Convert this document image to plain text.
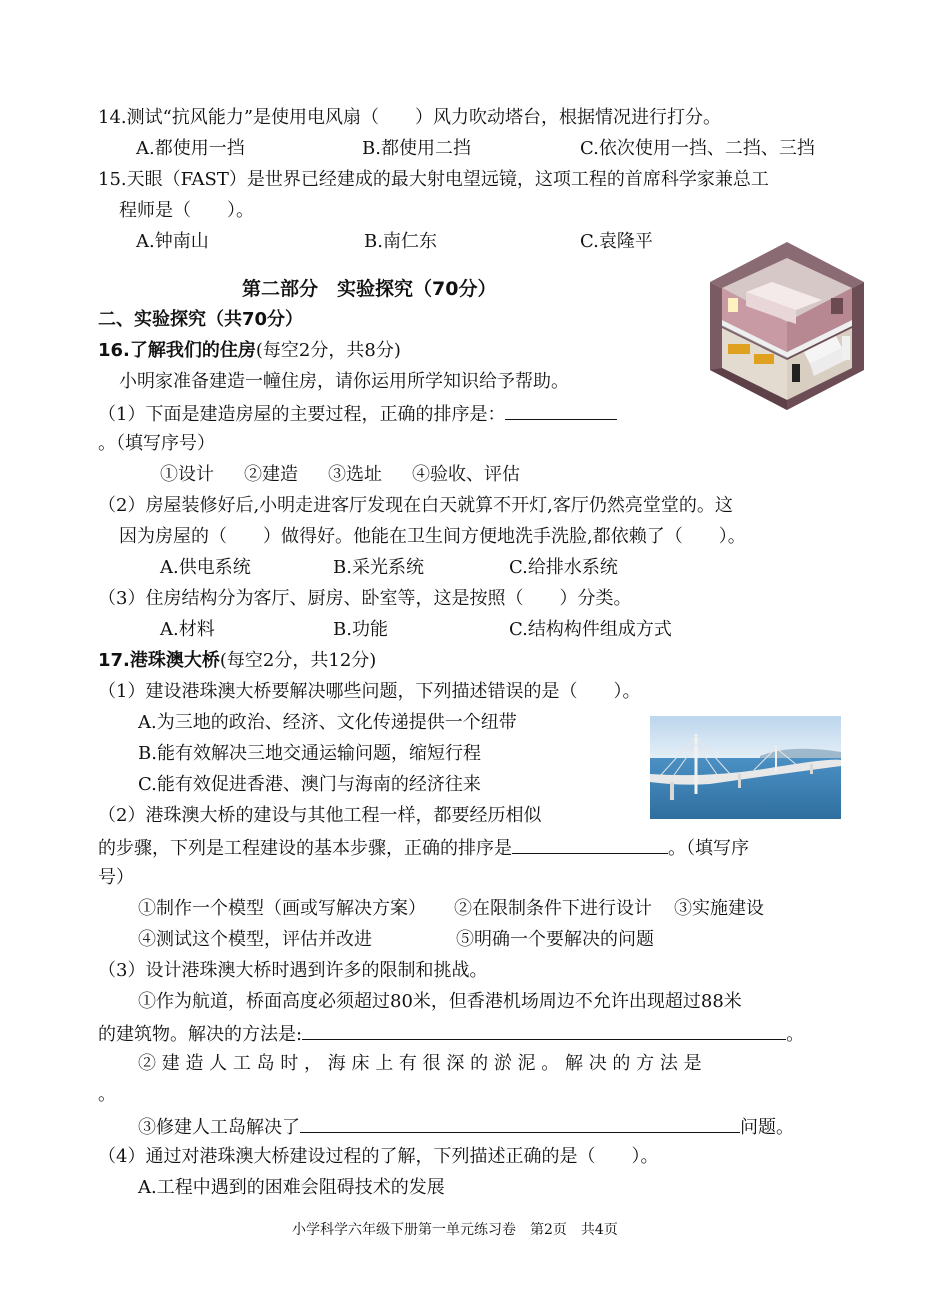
14.测试“抗风能力”是使用电风扇（　　）风力吹动塔台，根据情况进行打分。
A.都使用一挡	B.都使用二挡	C.依次使用一挡、二挡、三挡
15.天眼（FAST）是世界已经建成的最大射电望远镜，这项工程的首席科学家兼总工
程师是（　　）。
A.钟南山	B.南仁东	C.袁隆平
第二部分　实验探究（70分）
二、实验探究（共70分）
16.了解我们的住房(每空2分，共8分)
小明家准备建造一幢住房，请你运用所学知识给予帮助。
（1）下面是建造房屋的主要过程，正确的排序是：
。（填写序号）
①设计 ②建造 ③选址 ④验收、评估
（2）房屋装修好后,小明走进客厅发现在白天就算不开灯,客厅仍然亮堂堂的。这
因为房屋的（　　）做得好。他能在卫生间方便地洗手洗脸,都依赖了（　　）。
A.供电系统	B.采光系统	C.给排水系统
（3）住房结构分为客厅、厨房、卧室等，这是按照（　　）分类。
A.材料	B.功能	C.结构构件组成方式
17.港珠澳大桥(每空2分，共12分)
（1）建设港珠澳大桥要解决哪些问题，下列描述错误的是（　　）。
A.为三地的政治、经济、文化传递提供一个纽带
B.能有效解决三地交通运输问题，缩短行程
C.能有效促进香港、澳门与海南的经济往来
（2）港珠澳大桥的建设与其他工程一样，都要经历相似
的步骤，下列是工程建设的基本步骤，正确的排序是	。（填写序
号）
①制作一个模型（画或写解决方案） ②在限制条件下进行设计 ③实施建设
④测试这个模型，评估并改进	⑤明确一个要解决的问题
（3）设计港珠澳大桥时遇到许多的限制和挑战。
①作为航道，桥面高度必须超过80米，但香港机场周边不允许出现超过88米
的建筑物。解决的方法是:	。
② 建 造 人 工 岛 时 ， 海 床 上 有 很 深 的 淤 泥 。 解 决 的 方 法 是
。
③修建人工岛解决了	问题。
（4）通过对港珠澳大桥建设过程的了解，下列描述正确的是（　　）。
A.工程中遇到的困难会阻碍技术的发展
小学科学六年级下册第一单元练习卷　第2页　共4页
